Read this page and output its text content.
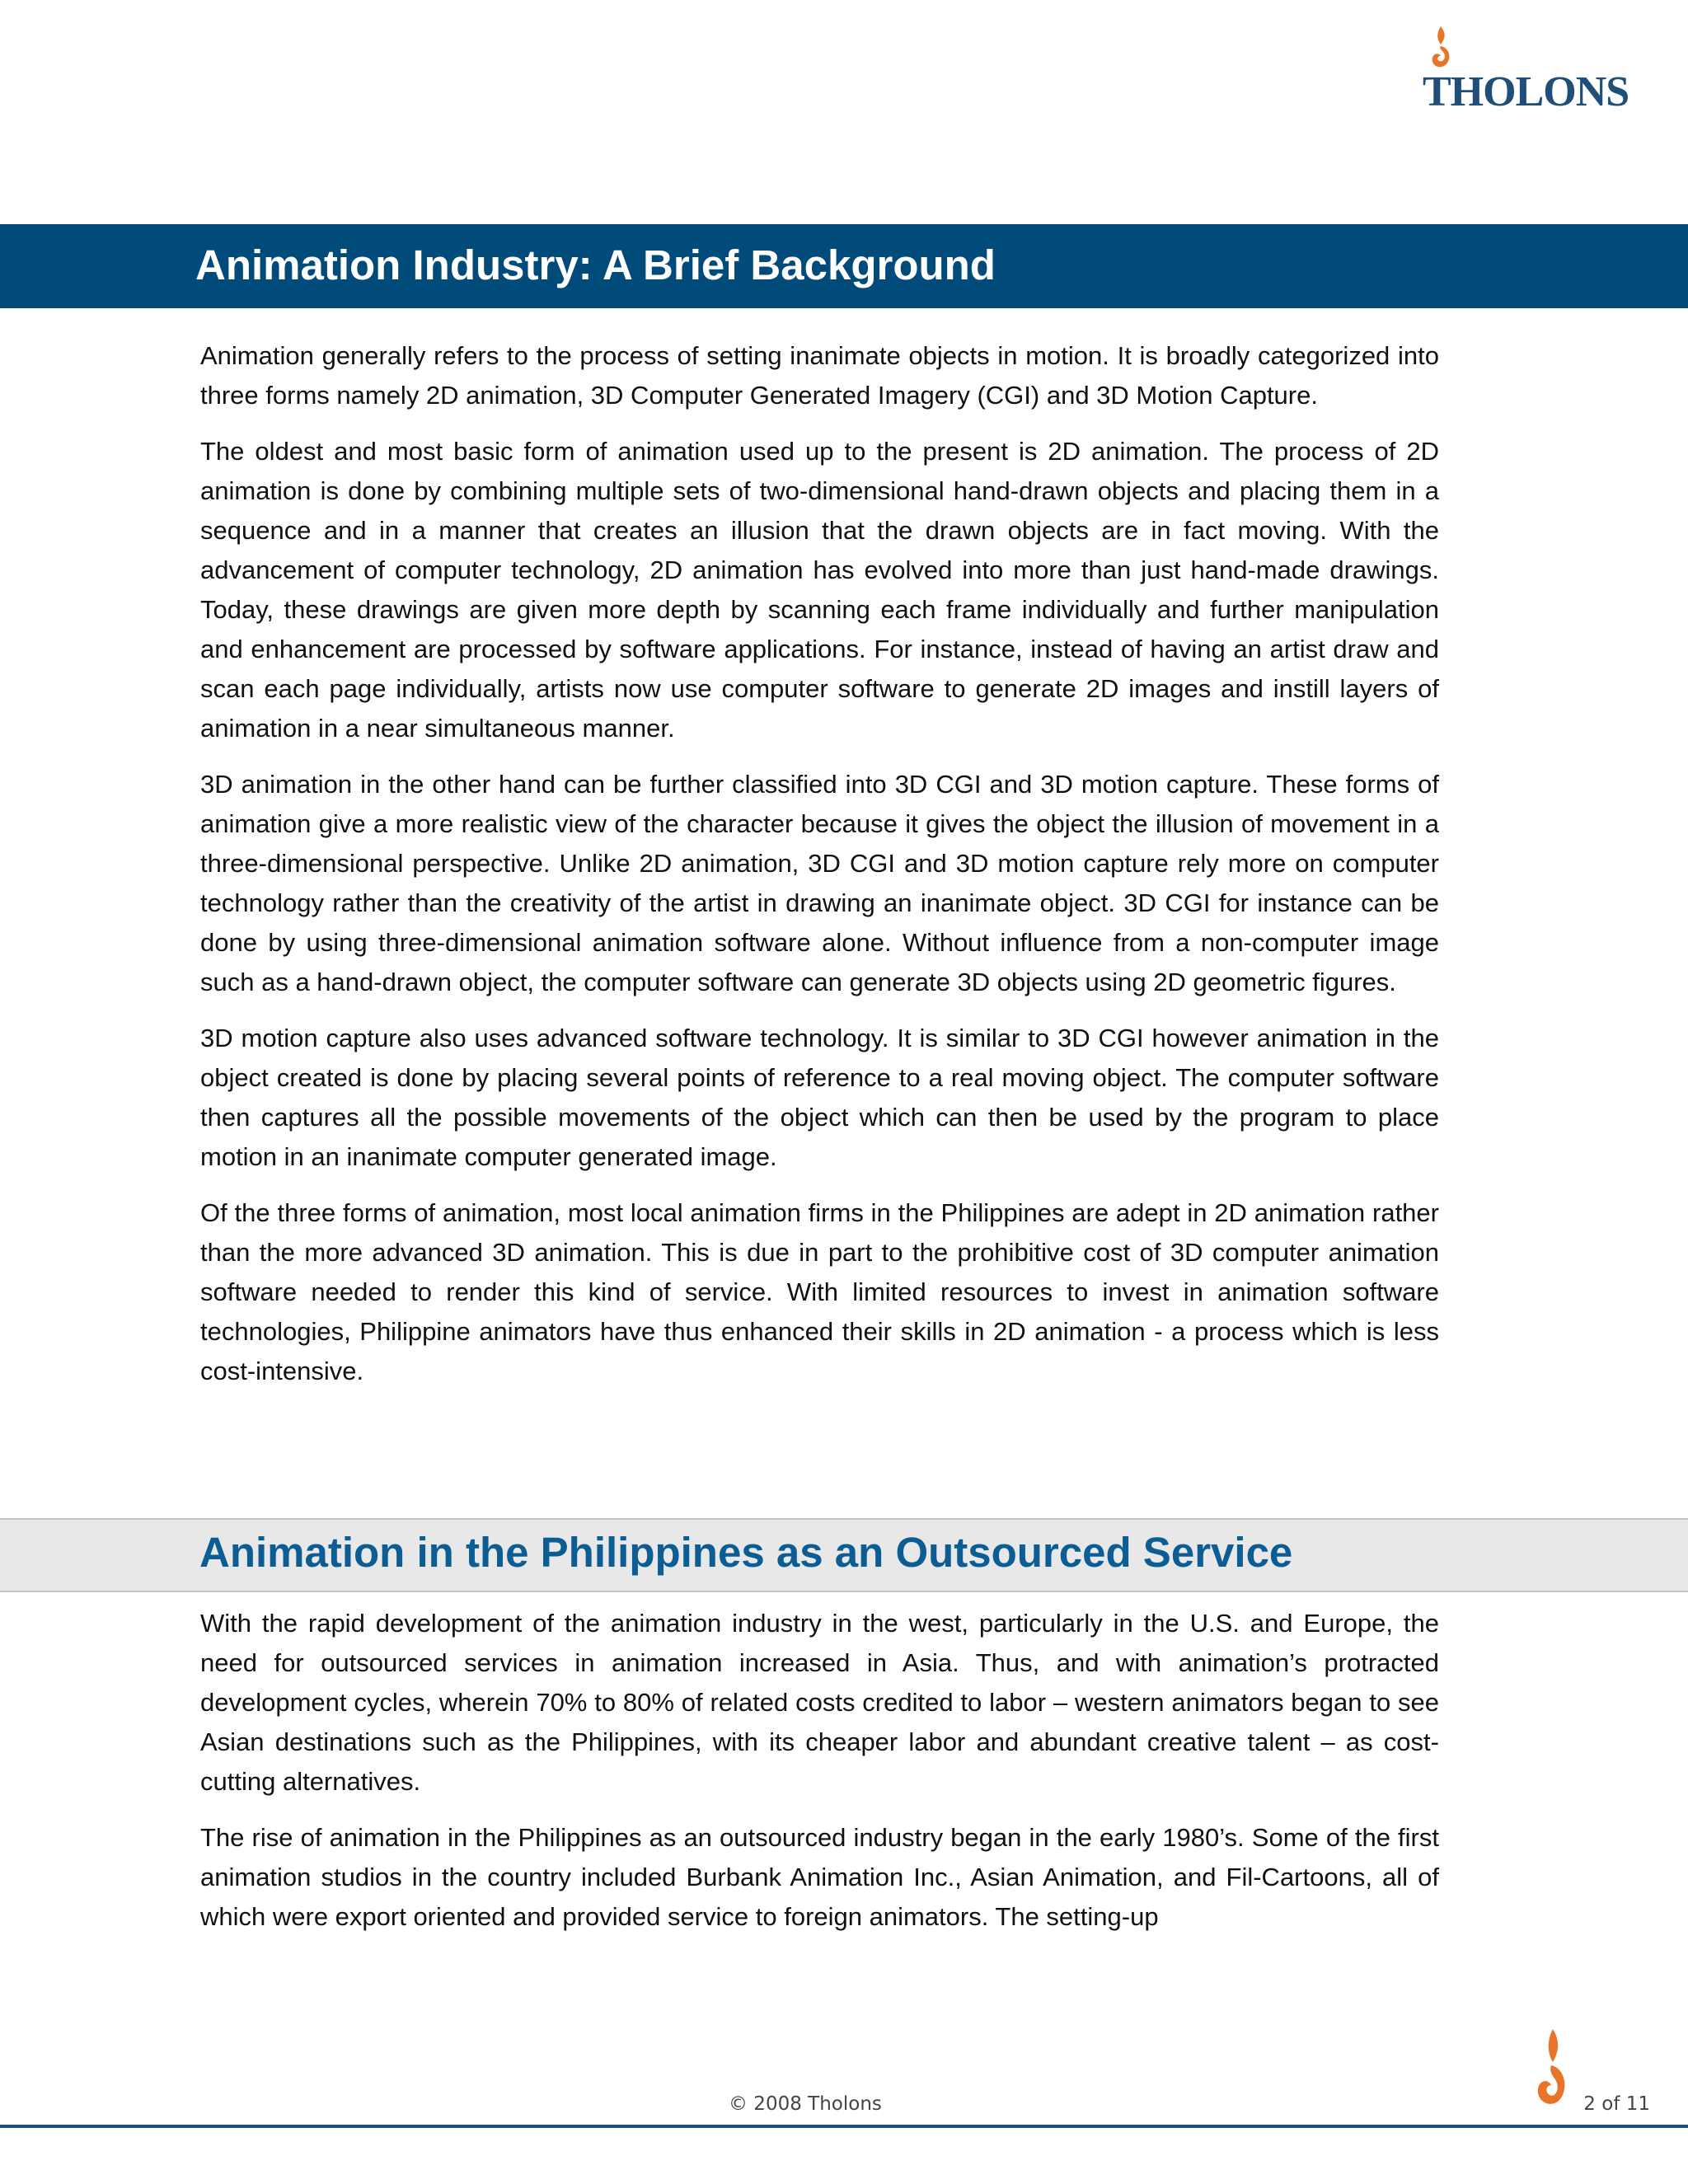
THOLONS
Animation Industry: A Brief Background

Animation generally refers to the process of setting inanimate objects in motion. It is broadly categorized into three forms namely 2D animation, 3D Computer Generated Imagery (CGI) and 3D Motion Capture.

The oldest and most basic form of animation used up to the present is 2D animation. The process of 2D animation is done by combining multiple sets of two-dimensional hand-drawn objects and placing them in a sequence and in a manner that creates an illusion that the drawn objects are in fact moving. With the advancement of computer technology, 2D animation has evolved into more than just hand-made drawings. Today, these drawings are given more depth by scanning each frame individually and further manipulation and enhancement are processed by software applications. For instance, instead of having an artist draw and scan each page individually, artists now use computer software to generate 2D images and instill layers of animation in a near simultaneous manner.

3D animation in the other hand can be further classified into 3D CGI and 3D motion capture. These forms of animation give a more realistic view of the character because it gives the object the illusion of movement in a three-dimensional perspective. Unlike 2D animation, 3D CGI and 3D motion capture rely more on computer technology rather than the creativity of the artist in drawing an inanimate object. 3D CGI for instance can be done by using three-dimensional animation software alone. Without influence from a non-computer image such as a hand-drawn object, the computer software can generate 3D objects using 2D geometric figures.

3D motion capture also uses advanced software technology. It is similar to 3D CGI however animation in the object created is done by placing several points of reference to a real moving object. The computer software then captures all the possible movements of the object which can then be used by the program to place motion in an inanimate computer generated image.

Of the three forms of animation, most local animation firms in the Philippines are adept in 2D animation rather than the more advanced 3D animation. This is due in part to the prohibitive cost of 3D computer animation software needed to render this kind of service. With limited resources to invest in animation software technologies, Philippine animators have thus enhanced their skills in 2D animation - a process which is less cost-intensive.

Animation in the Philippines as an Outsourced Service

With the rapid development of the animation industry in the west, particularly in the U.S. and Europe, the need for outsourced services in animation increased in Asia. Thus, and with animation’s protracted development cycles, wherein 70% to 80% of related costs credited to labor – western animators began to see Asian destinations such as the Philippines, with its cheaper labor and abundant creative talent – as cost-cutting alternatives.

The rise of animation in the Philippines as an outsourced industry began in the early 1980’s. Some of the first animation studios in the country included Burbank Animation Inc., Asian Animation, and Fil-Cartoons, all of which were export oriented and provided service to foreign animators. The setting-up

© 2008 Tholons	2 of 11
